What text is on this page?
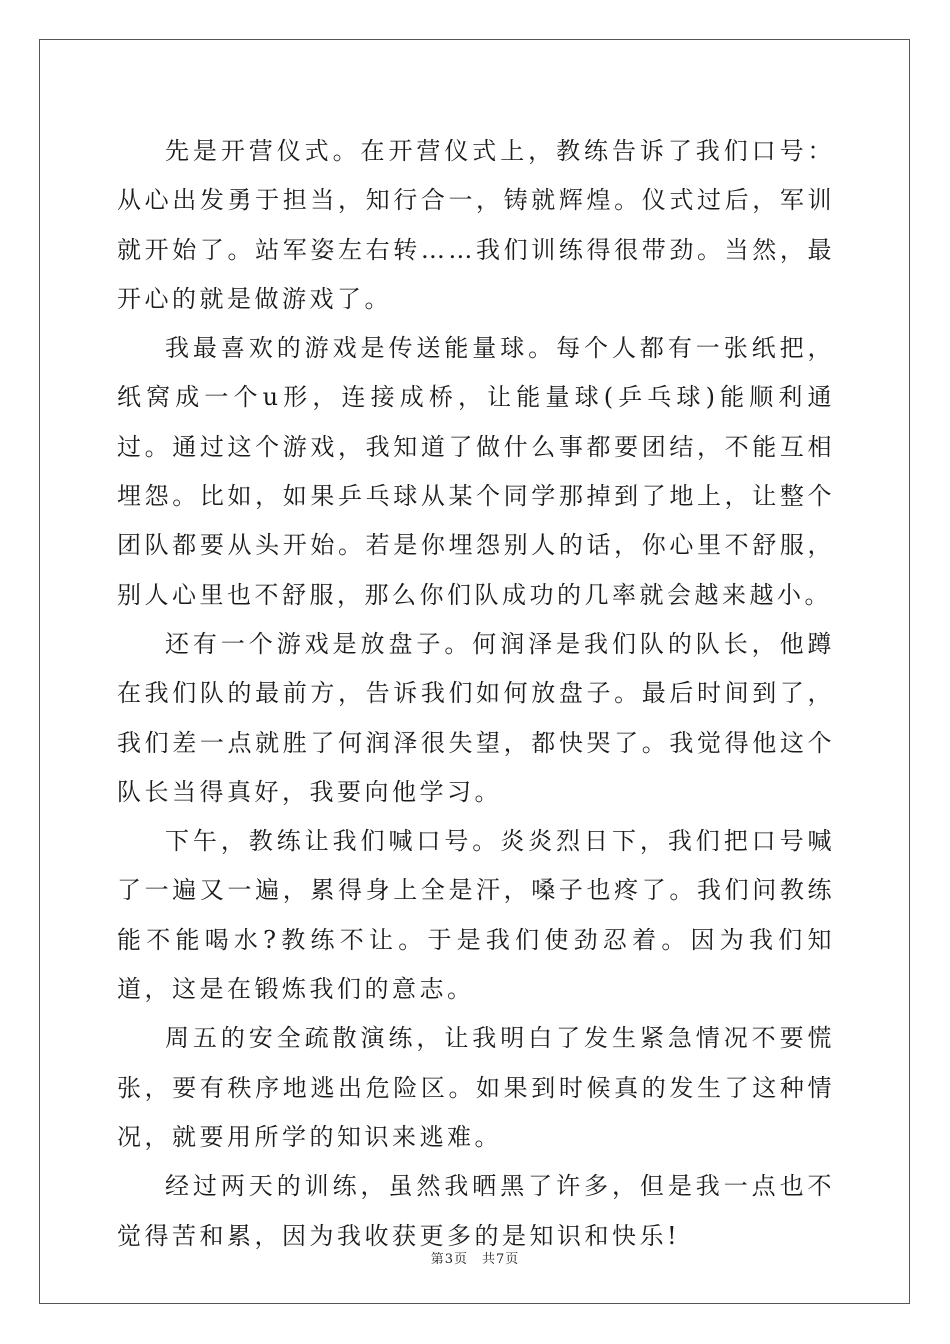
先是开营仪式。在开营仪式上，教练告诉了我们口号：从心出发勇于担当，知行合一，铸就辉煌。仪式过后，军训就开始了。站军姿左右转……我们训练得很带劲。当然，最开心的就是做游戏了。

我最喜欢的游戏是传送能量球。每个人都有一张纸把，纸窝成一个u形，连接成桥，让能量球(乒乓球)能顺利通过。通过这个游戏，我知道了做什么事都要团结，不能互相埋怨。比如，如果乒乓球从某个同学那掉到了地上，让整个团队都要从头开始。若是你埋怨别人的话，你心里不舒服，别人心里也不舒服，那么你们队成功的几率就会越来越小。

还有一个游戏是放盘子。何润泽是我们队的队长，他蹲在我们队的最前方，告诉我们如何放盘子。最后时间到了，我们差一点就胜了何润泽很失望，都快哭了。我觉得他这个队长当得真好，我要向他学习。

下午，教练让我们喊口号。炎炎烈日下，我们把口号喊了一遍又一遍，累得身上全是汗，嗓子也疼了。我们问教练能不能喝水?教练不让。于是我们使劲忍着。因为我们知道，这是在锻炼我们的意志。

周五的安全疏散演练，让我明白了发生紧急情况不要慌张，要有秩序地逃出危险区。如果到时候真的发生了这种情况，就要用所学的知识来逃难。

经过两天的训练，虽然我晒黑了许多，但是我一点也不觉得苦和累，因为我收获更多的是知识和快乐!

第3页　共7页
